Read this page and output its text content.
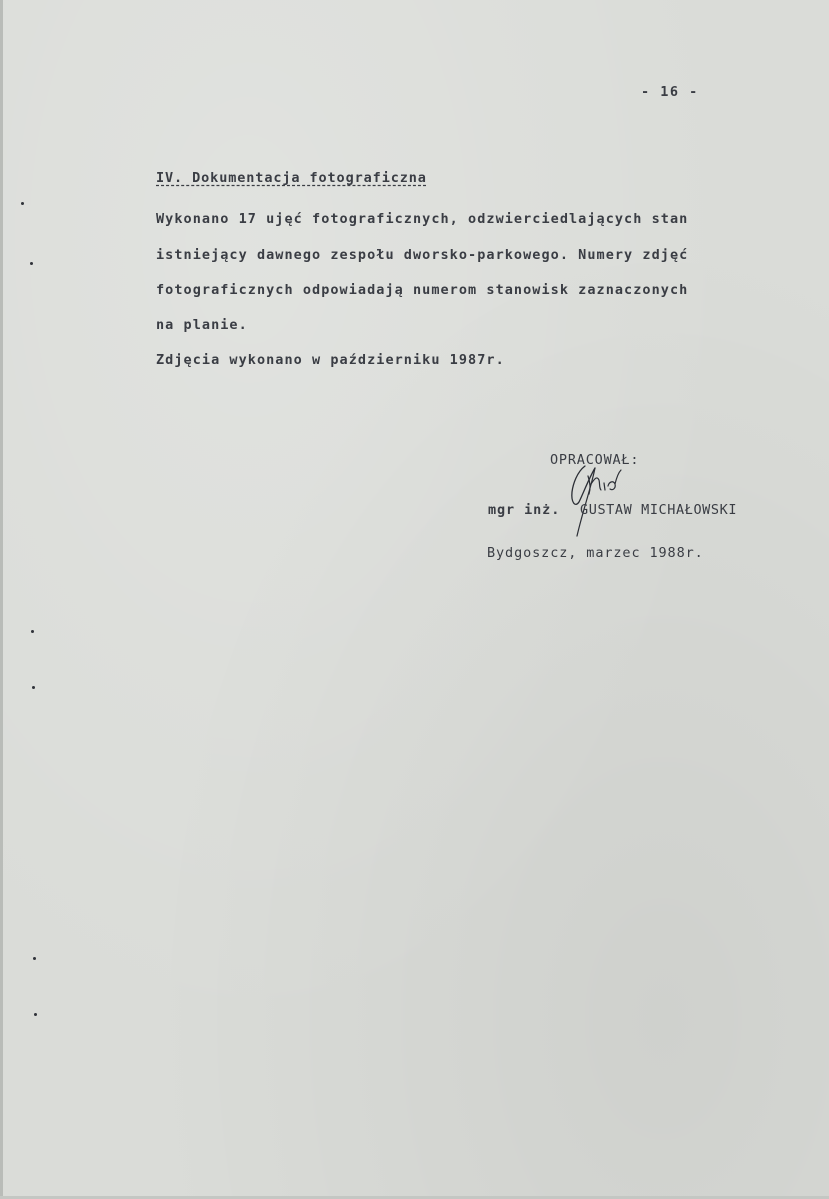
- 16 -
IV. Dokumentacja fotograficzna
Wykonano 17 ujęć fotograficznych, odzwierciedlających stan
istniejący dawnego zespołu dworsko-parkowego. Numery zdjęć
fotograficznych odpowiadają numerom stanowisk zaznaczonych
na planie.
Zdjęcia wykonano w październiku 1987r.
OPRACOWAŁ:
mgr inż. GUSTAW MICHAŁOWSKI
Bydgoszcz, marzec 1988r.
